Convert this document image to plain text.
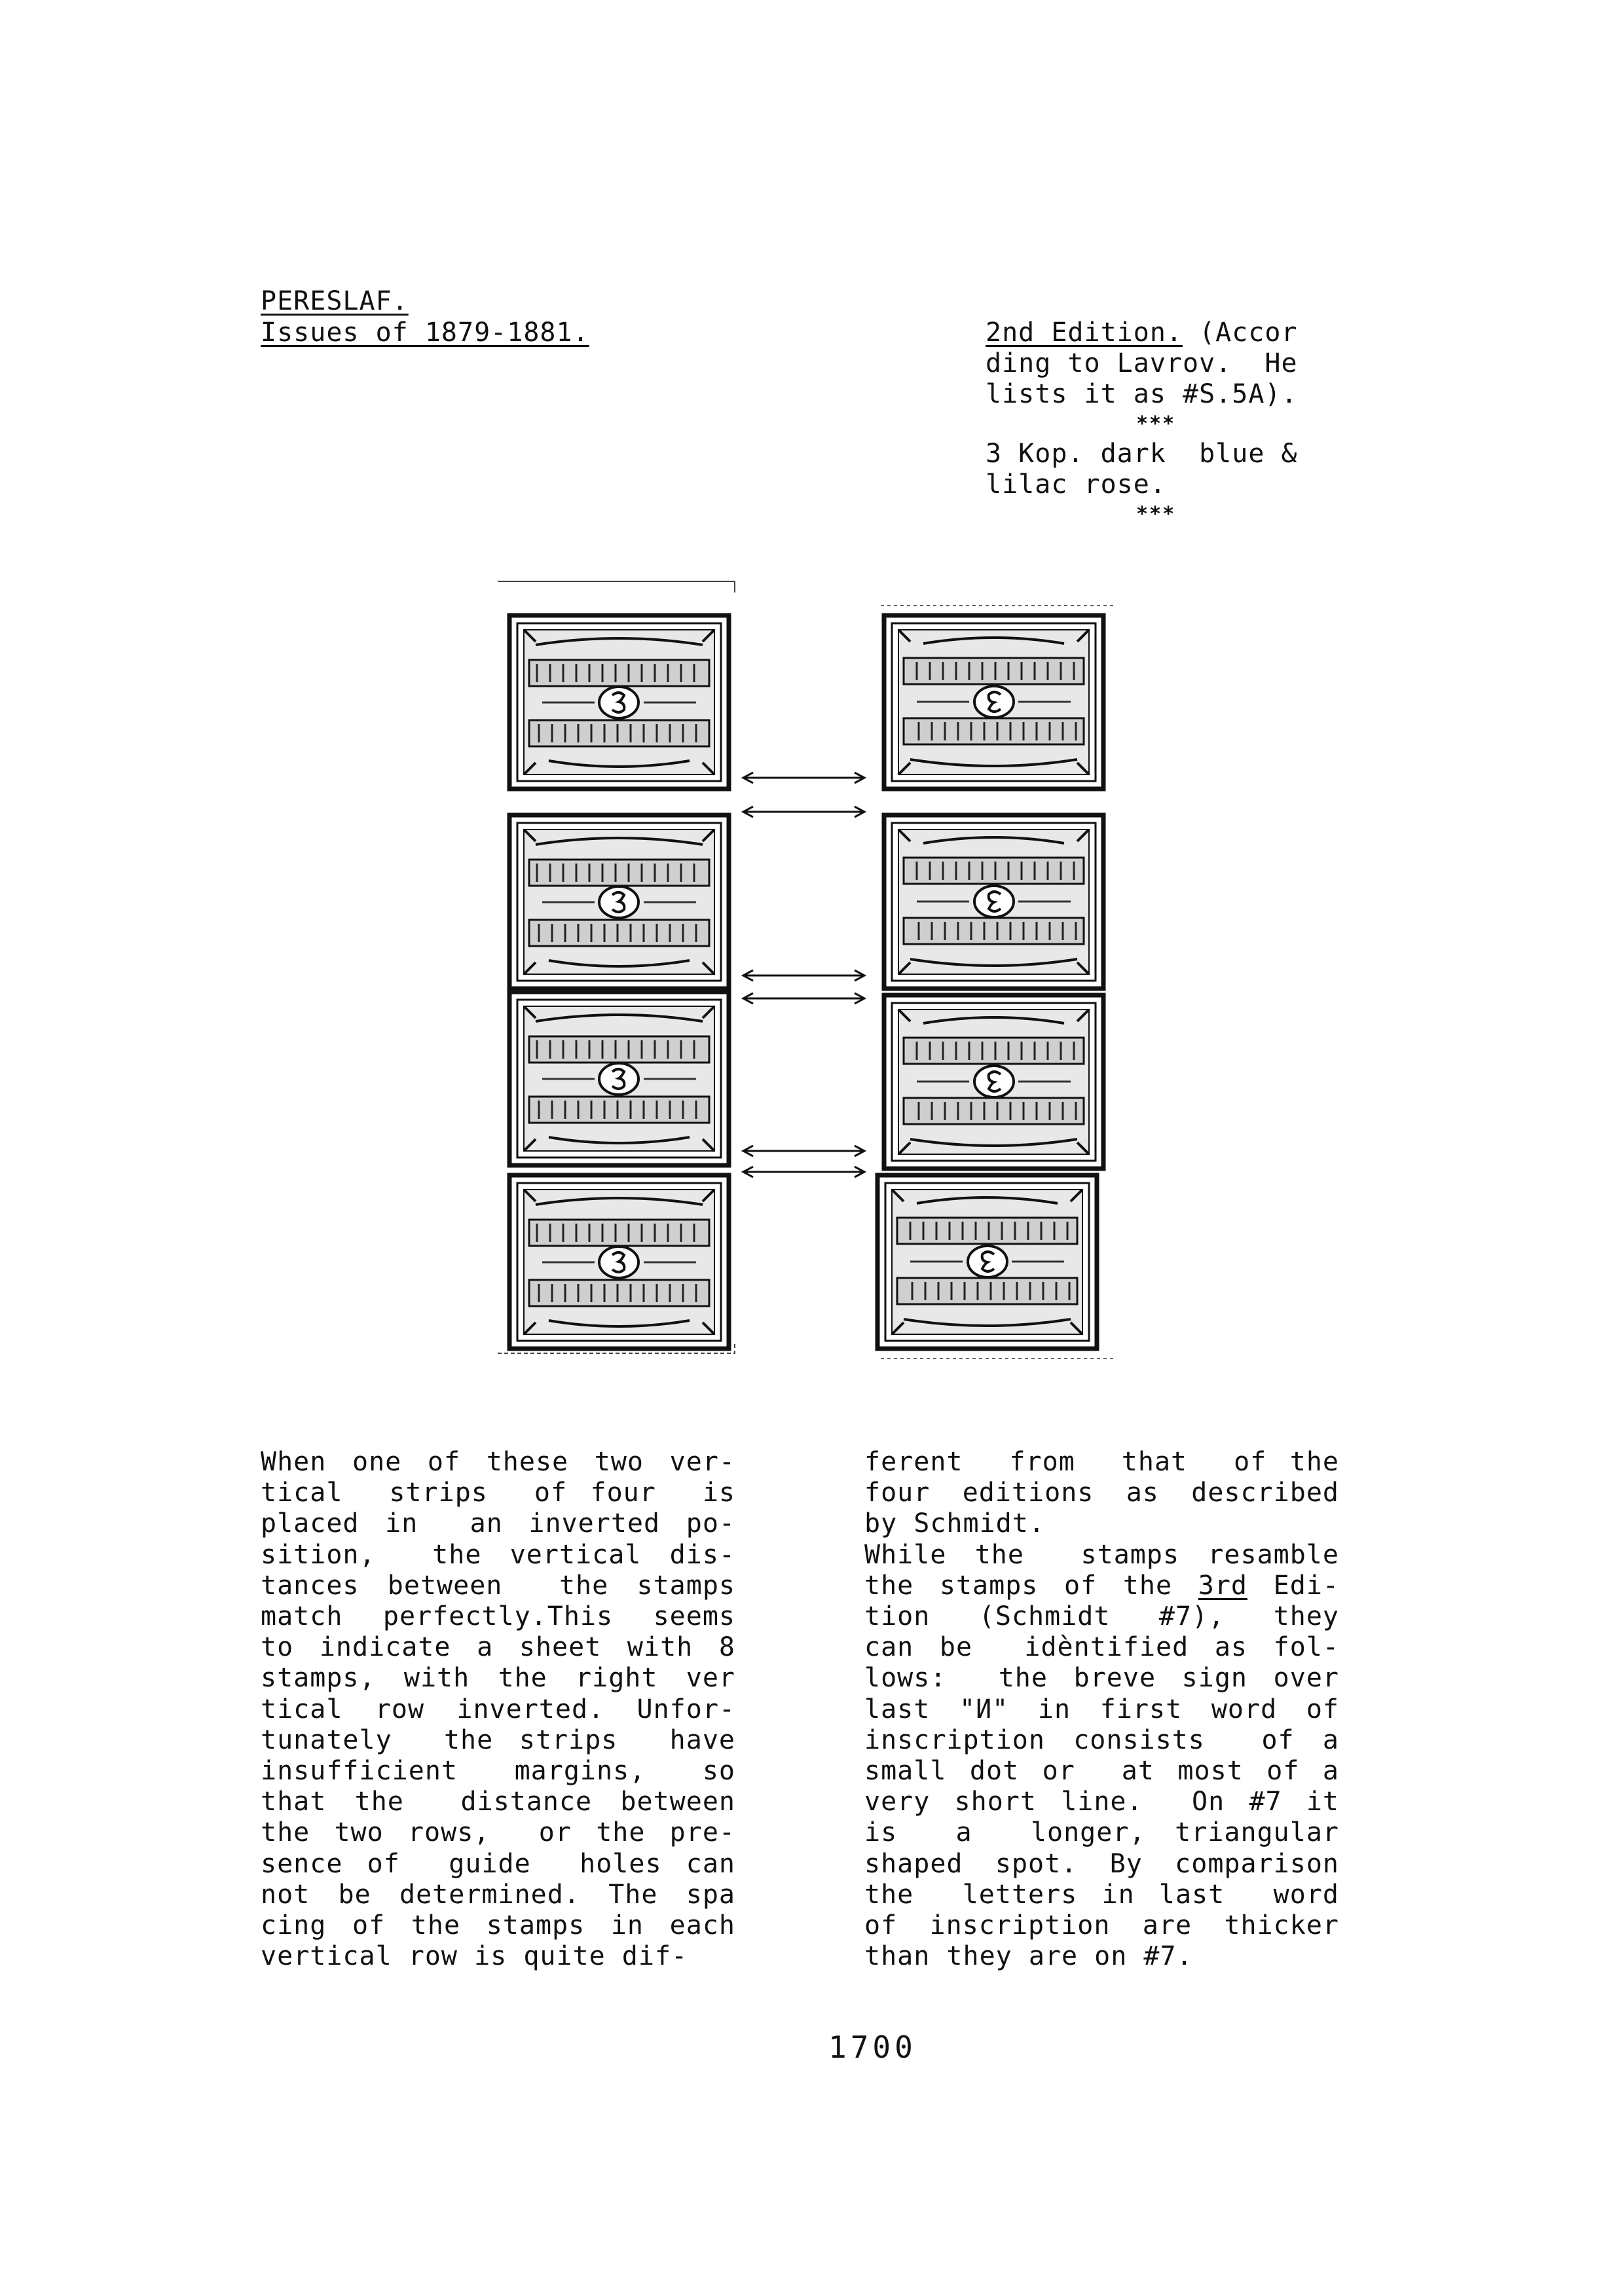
PERESLAF.
Issues of 1879-1881.	2nd Edition. (Accor
ding to Lavrov.  He
lists it as #S.5A).
***
3 Kop. dark  blue &
lilac rose.
***
When one of these two ver-
tical  strips  of four  is
placed in  an inverted po-
sition,  the vertical dis-
tances between  the stamps
match perfectly.This seems
to indicate a sheet with 8
stamps, with the right ver
tical row inverted. Unfor-
tunately  the strips  have
insufficient  margins,  so
that the  distance between
the two rows,  or the pre-
sence of  guide  holes can
not be determined. The spa
cing of the stamps in each
vertical row is quite dif-
ferent  from  that  of the
four editions as described
by Schmidt.
While the  stamps resamble
the stamps of the 3rd Edi-
tion  (Schmidt  #7),  they
can be  idèntified as fol-
lows:  the breve sign over
last "И" in first word of
inscription consists  of a
small dot or  at most of a
very short line.  On #7 it
is  a  longer, triangular
shaped spot. By comparison
the  letters in last  word
of inscription are thicker
than they are on #7.
1700
